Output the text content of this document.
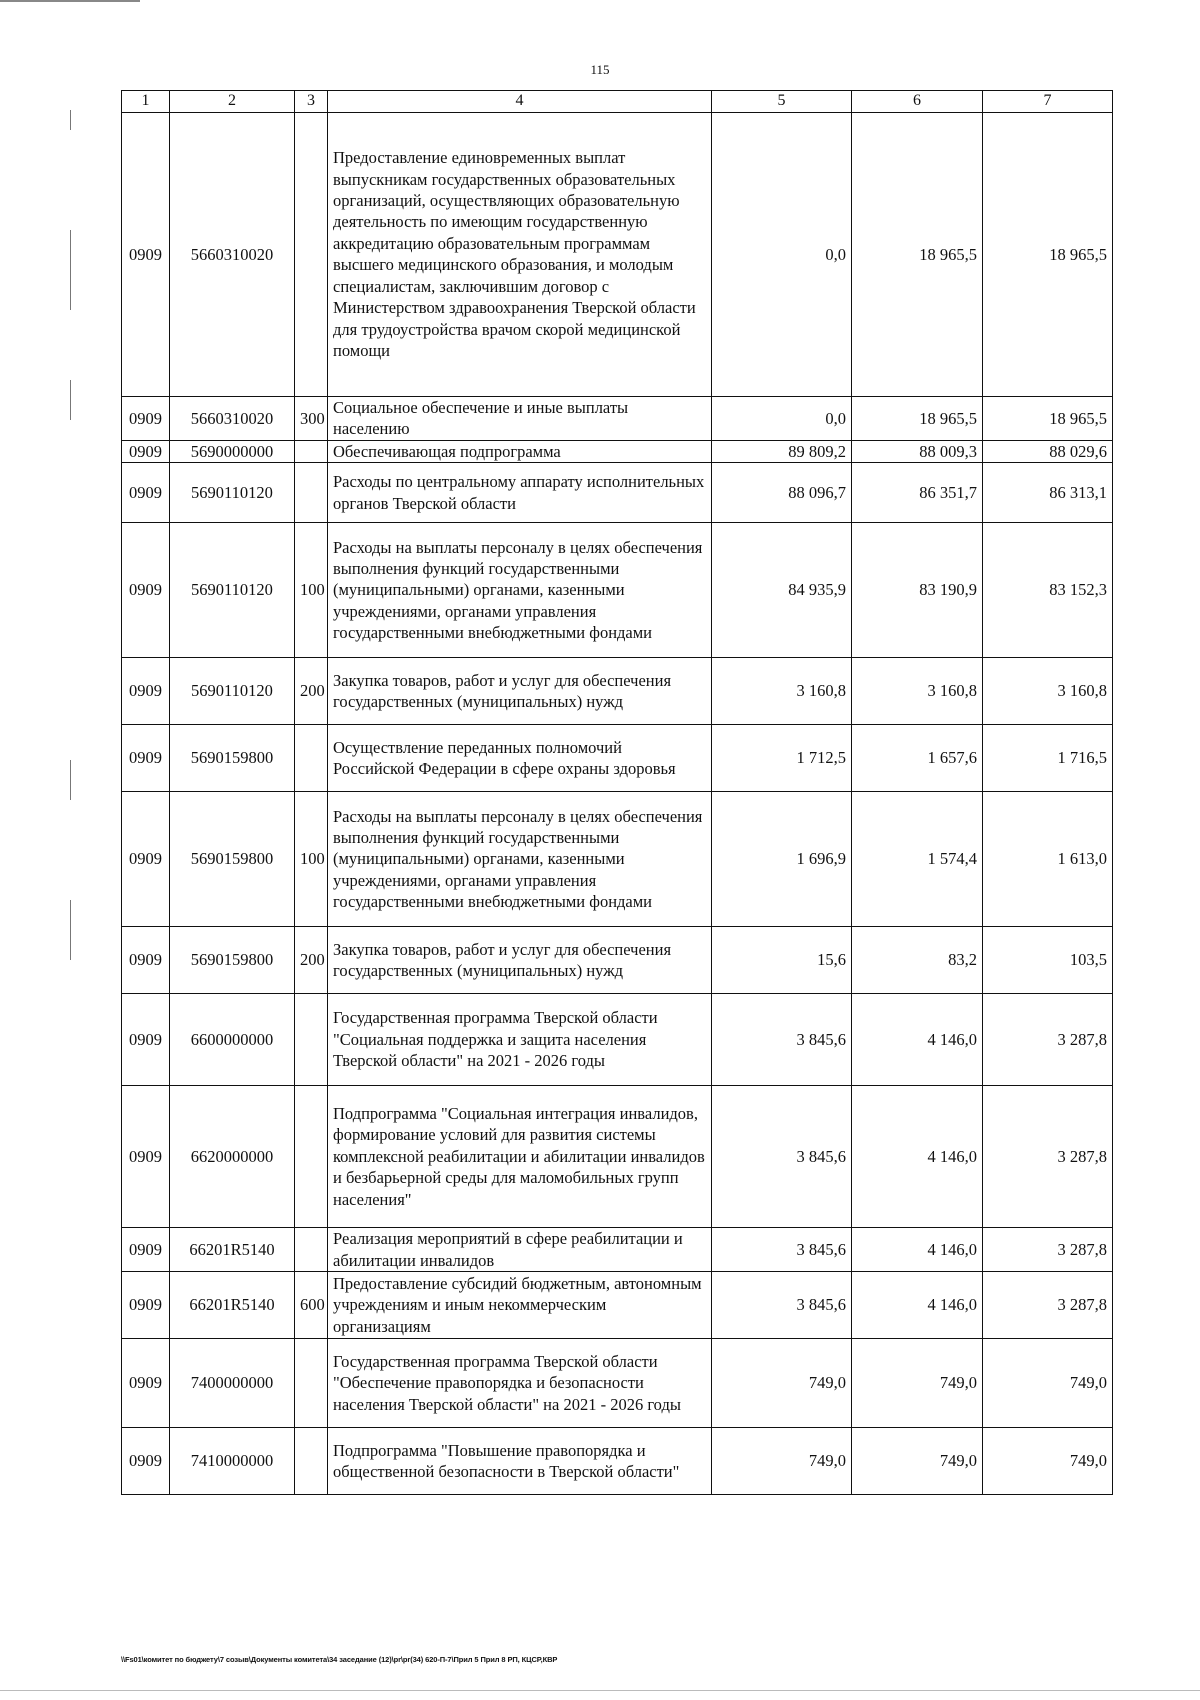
115
1	2	3	4	5	6	7
0909	5660310020		Предоставление единовременных выплат выпускникам государственных образовательных организаций, осуществляющих образовательную деятельность по имеющим государственную аккредитацию образовательным программам высшего медицинского образования, и молодым специалистам, заключившим договор с Министерством здравоохранения Тверской области для трудоустройства врачом скорой медицинской помощи	0,0	18 965,5	18 965,5
0909	5660310020	300	Социальное обеспечение и иные выплаты населению	0,0	18 965,5	18 965,5
0909	5690000000		Обеспечивающая подпрограмма	89 809,2	88 009,3	88 029,6
0909	5690110120		Расходы по центральному аппарату исполнительных органов Тверской области	88 096,7	86 351,7	86 313,1
0909	5690110120	100	Расходы на выплаты персоналу в целях обеспечения выполнения функций государственными (муниципальными) органами, казенными учреждениями, органами управления государственными внебюджетными фондами	84 935,9	83 190,9	83 152,3
0909	5690110120	200	Закупка товаров, работ и услуг для обеспечения государственных (муниципальных) нужд	3 160,8	3 160,8	3 160,8
0909	5690159800		Осуществление переданных полномочий Российской Федерации в сфере охраны здоровья	1 712,5	1 657,6	1 716,5
0909	5690159800	100	Расходы на выплаты персоналу в целях обеспечения выполнения функций государственными (муниципальными) органами, казенными учреждениями, органами управления государственными внебюджетными фондами	1 696,9	1 574,4	1 613,0
0909	5690159800	200	Закупка товаров, работ и услуг для обеспечения государственных (муниципальных) нужд	15,6	83,2	103,5
0909	6600000000		Государственная программа Тверской области "Социальная поддержка и защита населения Тверской области" на 2021 - 2026 годы	3 845,6	4 146,0	3 287,8
0909	6620000000		Подпрограмма "Социальная интеграция инвалидов, формирование условий для развития системы комплексной реабилитации и абилитации инвалидов и безбарьерной среды для маломобильных групп населения"	3 845,6	4 146,0	3 287,8
0909	66201R5140		Реализация мероприятий в сфере реабилитации и абилитации инвалидов	3 845,6	4 146,0	3 287,8
0909	66201R5140	600	Предоставление субсидий бюджетным, автономным учреждениям и иным некоммерческим организациям	3 845,6	4 146,0	3 287,8
0909	7400000000		Государственная программа Тверской области "Обеспечение правопорядка и безопасности населения Тверской области" на 2021 - 2026 годы	749,0	749,0	749,0
0909	7410000000		Подпрограмма "Повышение правопорядка и общественной безопасности в Тверской области"	749,0	749,0	749,0
\\Fs01\комитет по бюджету\7 созыв\Документы комитета\34 заседание (12)\pr\pr(34) 620-П-7\Прил 5 Прил 8 РП, КЦСР,КВР
